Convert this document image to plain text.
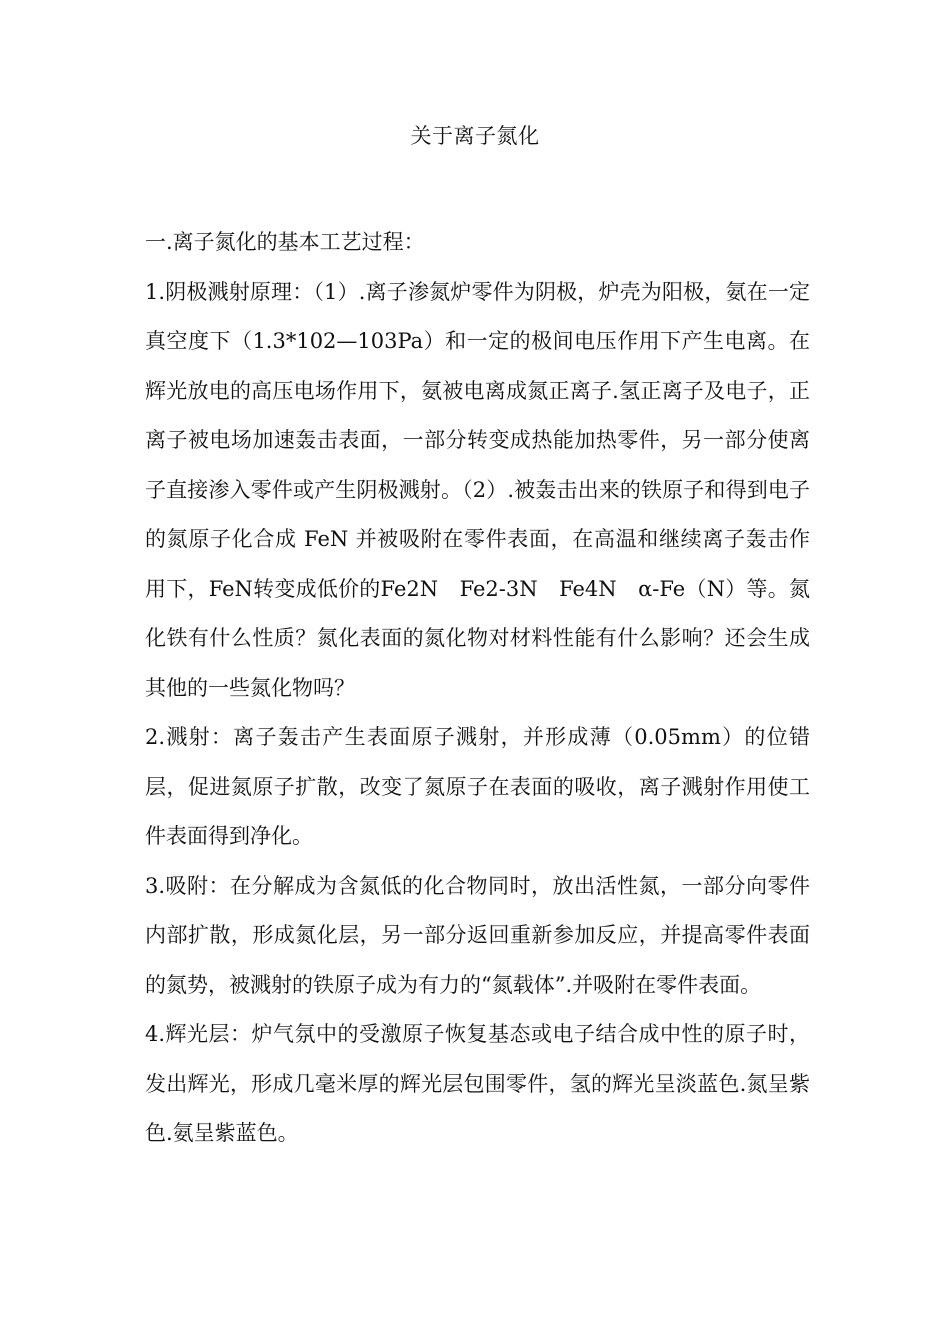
关于离子氮化

一.离子氮化的基本工艺过程：

1.阴极溅射原理：（1）.离子渗氮炉零件为阴极，炉壳为阳极，氨在一定真空度下（1.3*102—103Pa）和一定的极间电压作用下产生电离。在辉光放电的高压电场作用下，氨被电离成氮正离子.氢正离子及电子，正离子被电场加速轰击表面，一部分转变成热能加热零件，另一部分使离子直接渗入零件或产生阴极溅射。（2）.被轰击出来的铁原子和得到电子的氮原子化合成 FeN 并被吸附在零件表面，在高温和继续离子轰击作用下，FeN转变成低价的Fe2N　Fe2-3N　Fe4N　α-Fe（N）等。氮化铁有什么性质？氮化表面的氮化物对材料性能有什么影响？还会生成其他的一些氮化物吗？

2.溅射：离子轰击产生表面原子溅射，并形成薄（0.05mm）的位错层，促进氮原子扩散，改变了氮原子在表面的吸收，离子溅射作用使工件表面得到净化。

3.吸附：在分解成为含氮低的化合物同时，放出活性氮，一部分向零件内部扩散，形成氮化层，另一部分返回重新参加反应，并提高零件表面的氮势，被溅射的铁原子成为有力的“氮载体”.并吸附在零件表面。

4.辉光层：炉气氛中的受激原子恢复基态或电子结合成中性的原子时，发出辉光，形成几毫米厚的辉光层包围零件，氢的辉光呈淡蓝色.氮呈紫色.氨呈紫蓝色。
